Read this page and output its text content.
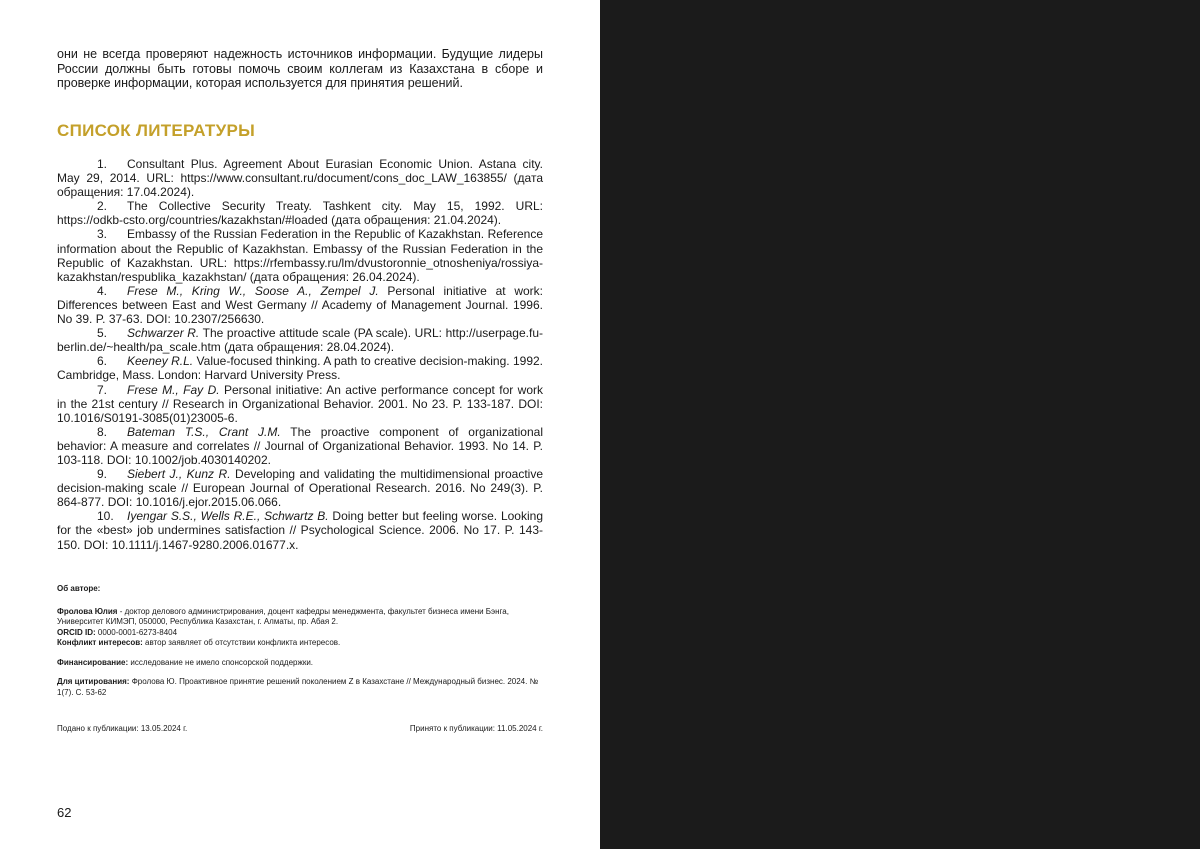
они не всегда проверяют надежность источников информации. Будущие лидеры России должны быть готовы помочь своим коллегам из Казахстана в сборе и проверке информации, которая используется для принятия решений.

СПИСОК ЛИТЕРАТУРЫ
1. Consultant Plus. Agreement About Eurasian Economic Union. Astana city. May 29, 2014. URL: https://www.consultant.ru/document/cons_doc_LAW_163855/ (дата обращения: 17.04.2024).
2. The Collective Security Treaty. Tashkent city. May 15, 1992. URL: https://odkb-csto.org/countries/kazakhstan/#loaded (дата обращения: 21.04.2024).
3. Embassy of the Russian Federation in the Republic of Kazakhstan. Reference information about the Republic of Kazakhstan. Embassy of the Russian Federation in the Republic of Kazakhstan. URL: https://rfembassy.ru/lm/dvustoronnie_otnosheniya/rossiya-kazakhstan/respublika_kazakhstan/ (дата обращения: 26.04.2024).
4. Frese M., Kring W., Soose A., Zempel J. Personal initiative at work: Differences between East and West Germany // Academy of Management Journal. 1996. No 39. P. 37-63. DOI: 10.2307/256630.
5. Schwarzer R. The proactive attitude scale (PA scale). URL: http://userpage.fu-berlin.de/~health/pa_scale.htm (дата обращения: 28.04.2024).
6. Keeney R.L. Value-focused thinking. A path to creative decision-making. 1992. Cambridge, Mass. London: Harvard University Press.
7. Frese M., Fay D. Personal initiative: An active performance concept for work in the 21st century // Research in Organizational Behavior. 2001. No 23. P. 133-187. DOI: 10.1016/S0191-3085(01)23005-6.
8. Bateman T.S., Crant J.M. The proactive component of organizational behavior: A measure and correlates // Journal of Organizational Behavior. 1993. No 14. P. 103-118. DOI: 10.1002/job.4030140202.
9. Siebert J., Kunz R. Developing and validating the multidimensional proactive decision-making scale // European Journal of Operational Research. 2016. No 249(3). P. 864-877. DOI: 10.1016/j.ejor.2015.06.066.
10. Iyengar S.S., Wells R.E., Schwartz B. Doing better but feeling worse. Looking for the «best» job undermines satisfaction // Psychological Science. 2006. No 17. P. 143-150. DOI: 10.1111/j.1467-9280.2006.01677.x.

Об авторе:

Фролова Юлия - доктор делового администрирования, доцент кафедры менеджмента, факультет бизнеса имени Бэнга, Университет КИМЭП, 050000, Республика Казахстан, г. Алматы, пр. Абая 2.

ORCID ID: 0000-0001-6273-8404

Конфликт интересов: автор заявляет об отсутствии конфликта интересов.

Финансирование: исследование не имело спонсорской поддержки.

Для цитирования: Фролова Ю. Проактивное принятие решений поколением Z в Казахстане // Международный бизнес. 2024. № 1(7). С. 53-62

Подано к публикации: 13.05.2024 г.	Принято к публикации: 11.05.2024 г.
62
